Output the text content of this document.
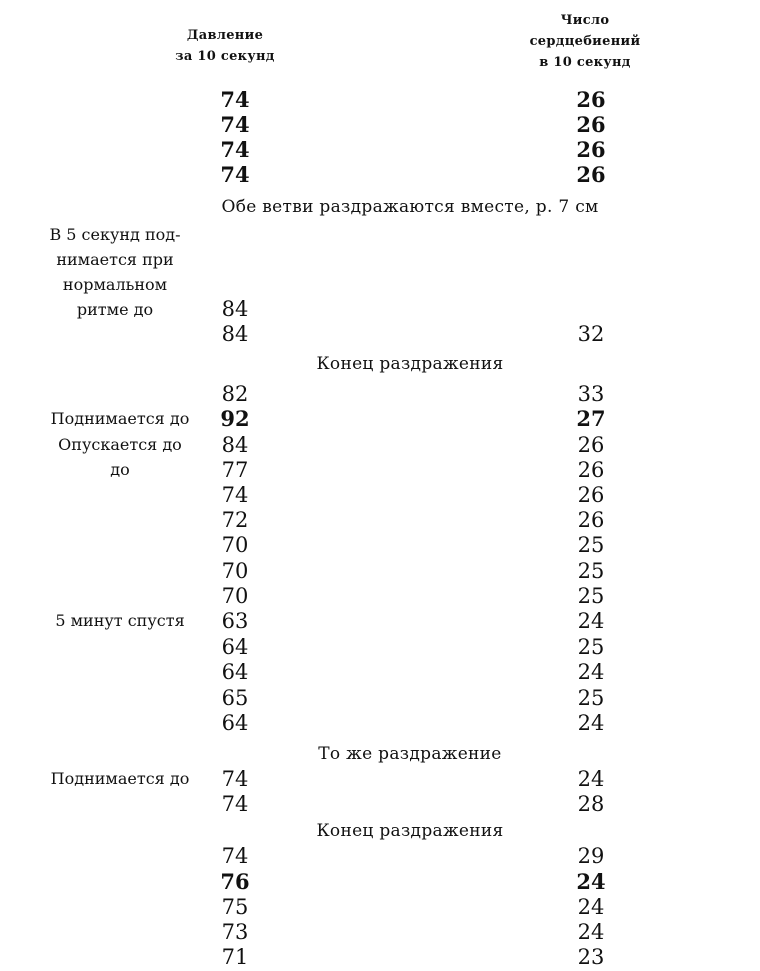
Давление
за 10 секунд
Число
сердцебиений
в 10 секунд
74	26
74	26
74	26
74	26
Обе ветви раздражаются вместе, р. 7 см
В 5 секунд под-
нимается при
нормальном
ритме до	84
84	32
Конец раздражения
82	33
Поднимается до	92	27
Опускается до	84	26
до	77	26
74	26
72	26
70	25
70	25
70	25
5 минут спустя	63	24
64	25
64	24
65	25
64	24
То же раздражение
Поднимается до	74	24
74	28
Конец раздражения
74	29
76	24
75	24
73	24
71	23
